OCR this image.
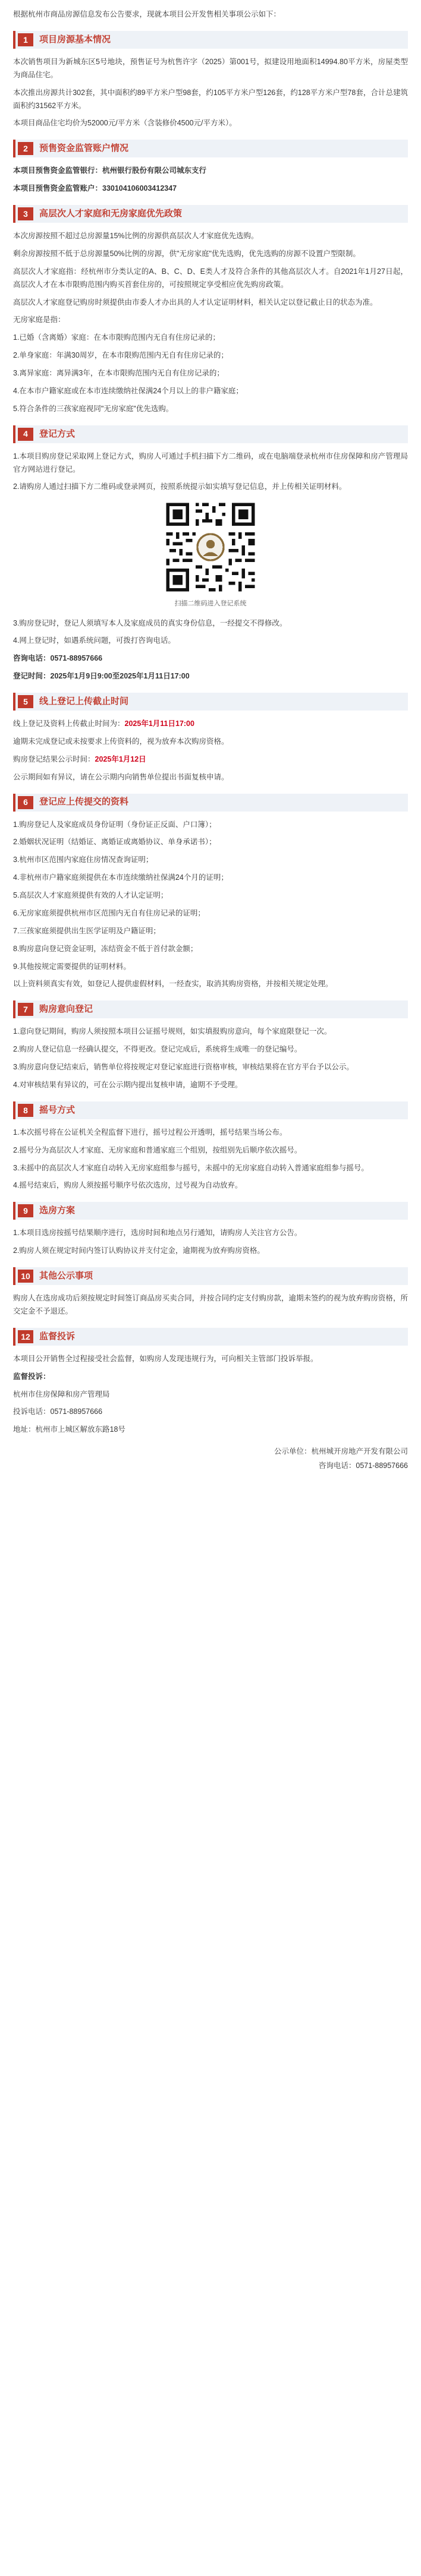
根据杭州市商品房源信息发布公告要求，现就本项目公开发售相关事项公示如下：

1	项目房源基本情况

本次销售项目为新城东区5号地块，预售证号为杭售许字（2025）第001号，拟建设用地面积14994.80平方米，房屋类型为商品住宅。

本次推出房源共计302套，其中面积约89平方米户型98套，约105平方米户型126套，约128平方米户型78套，合计总建筑面积约31562平方米。

本项目商品住宅均价为52000元/平方米（含装修价4500元/平方米）。

2	预售资金监管账户情况

本项目预售资金监管银行：杭州银行股份有限公司城东支行

本项目预售资金监管账户：330104106003412347

3	高层次人才家庭和无房家庭优先政策

本次房源按照不超过总房源量15%比例的房源供高层次人才家庭优先选购。

剩余房源按照不低于总房源量50%比例的房源，供"无房家庭"优先选购，优先选购的房源不设置户型限制。

高层次人才家庭指：经杭州市分类认定的A、B、C、D、E类人才及符合条件的其他高层次人才。自2021年1月27日起，高层次人才在本市限购范围内购买首套住房的，可按照规定享受相应优先购房政策。

高层次人才家庭登记购房时须提供由市委人才办出具的人才认定证明材料，相关认定以登记截止日的状态为准。

无房家庭是指：

1.已婚（含离婚）家庭：在本市限购范围内无自有住房记录的；

2.单身家庭：年满30周岁，在本市限购范围内无自有住房记录的；

3.离异家庭：离异满3年，在本市限购范围内无自有住房记录的；

4.在本市户籍家庭或在本市连续缴纳社保满24个月以上的非户籍家庭；

5.符合条件的三孩家庭视同"无房家庭"优先选购。

4	登记方式

1.本项目购房登记采取网上登记方式，购房人可通过手机扫描下方二维码，或在电脑端登录杭州市住房保障和房产管理局官方网站进行登记。

2.请购房人通过扫描下方二维码或登录网页，按照系统提示如实填写登记信息，并上传相关证明材料。

扫描二维码进入登记系统

3.购房登记时，登记人须填写本人及家庭成员的真实身份信息，一经提交不得修改。

4.网上登记时，如遇系统问题，可拨打咨询电话。

咨询电话：0571-88957666

登记时间：2025年1月9日9:00至2025年1月11日17:00

5	线上登记上传截止时间

线上登记及资料上传截止时间为：2025年1月11日17:00

逾期未完成登记或未按要求上传资料的，视为放弃本次购房资格。

购房登记结果公示时间：2025年1月12日

公示期间如有异议，请在公示期内向销售单位提出书面复核申请。

6	登记应上传提交的资料

1.购房登记人及家庭成员身份证明（身份证正反面、户口簿）；

2.婚姻状况证明（结婚证、离婚证或离婚协议、单身承诺书）；

3.杭州市区范围内家庭住房情况查询证明；

4.非杭州市户籍家庭须提供在本市连续缴纳社保满24个月的证明；

5.高层次人才家庭须提供有效的人才认定证明；

6.无房家庭须提供杭州市区范围内无自有住房记录的证明；

7.三孩家庭须提供出生医学证明及户籍证明；

8.购房意向登记资金证明，冻结资金不低于首付款金额；

9.其他按规定需要提供的证明材料。

以上资料须真实有效，如登记人提供虚假材料，一经查实，取消其购房资格，并按相关规定处理。

7	购房意向登记

1.意向登记期间，购房人须按照本项目公证摇号规则，如实填报购房意向，每个家庭限登记一次。

2.购房人登记信息一经确认提交，不得更改。登记完成后，系统将生成唯一的登记编号。

3.购房意向登记结束后，销售单位将按规定对登记家庭进行资格审核，审核结果将在官方平台予以公示。

4.对审核结果有异议的，可在公示期内提出复核申请，逾期不予受理。

8	摇号方式

1.本次摇号将在公证机关全程监督下进行，摇号过程公开透明，摇号结果当场公布。

2.摇号分为高层次人才家庭、无房家庭和普通家庭三个组别，按组别先后顺序依次摇号。

3.未摇中的高层次人才家庭自动转入无房家庭组参与摇号，未摇中的无房家庭自动转入普通家庭组参与摇号。

4.摇号结束后，购房人须按摇号顺序号依次选房，过号视为自动放弃。

9	选房方案

1.本项目选房按摇号结果顺序进行，选房时间和地点另行通知，请购房人关注官方公告。

2.购房人须在规定时间内签订认购协议并支付定金，逾期视为放弃购房资格。

10	其他公示事项

购房人在选房成功后须按规定时间签订商品房买卖合同，并按合同约定支付购房款，逾期未签约的视为放弃购房资格，所交定金不予退还。

12	监督投诉

本项目公开销售全过程接受社会监督，如购房人发现违规行为，可向相关主管部门投诉举报。

监督投诉：

杭州市住房保障和房产管理局

投诉电话：0571-88957666

地址：杭州市上城区解放东路18号

公示单位：杭州城开房地产开发有限公司
咨询电话：0571-88957666
